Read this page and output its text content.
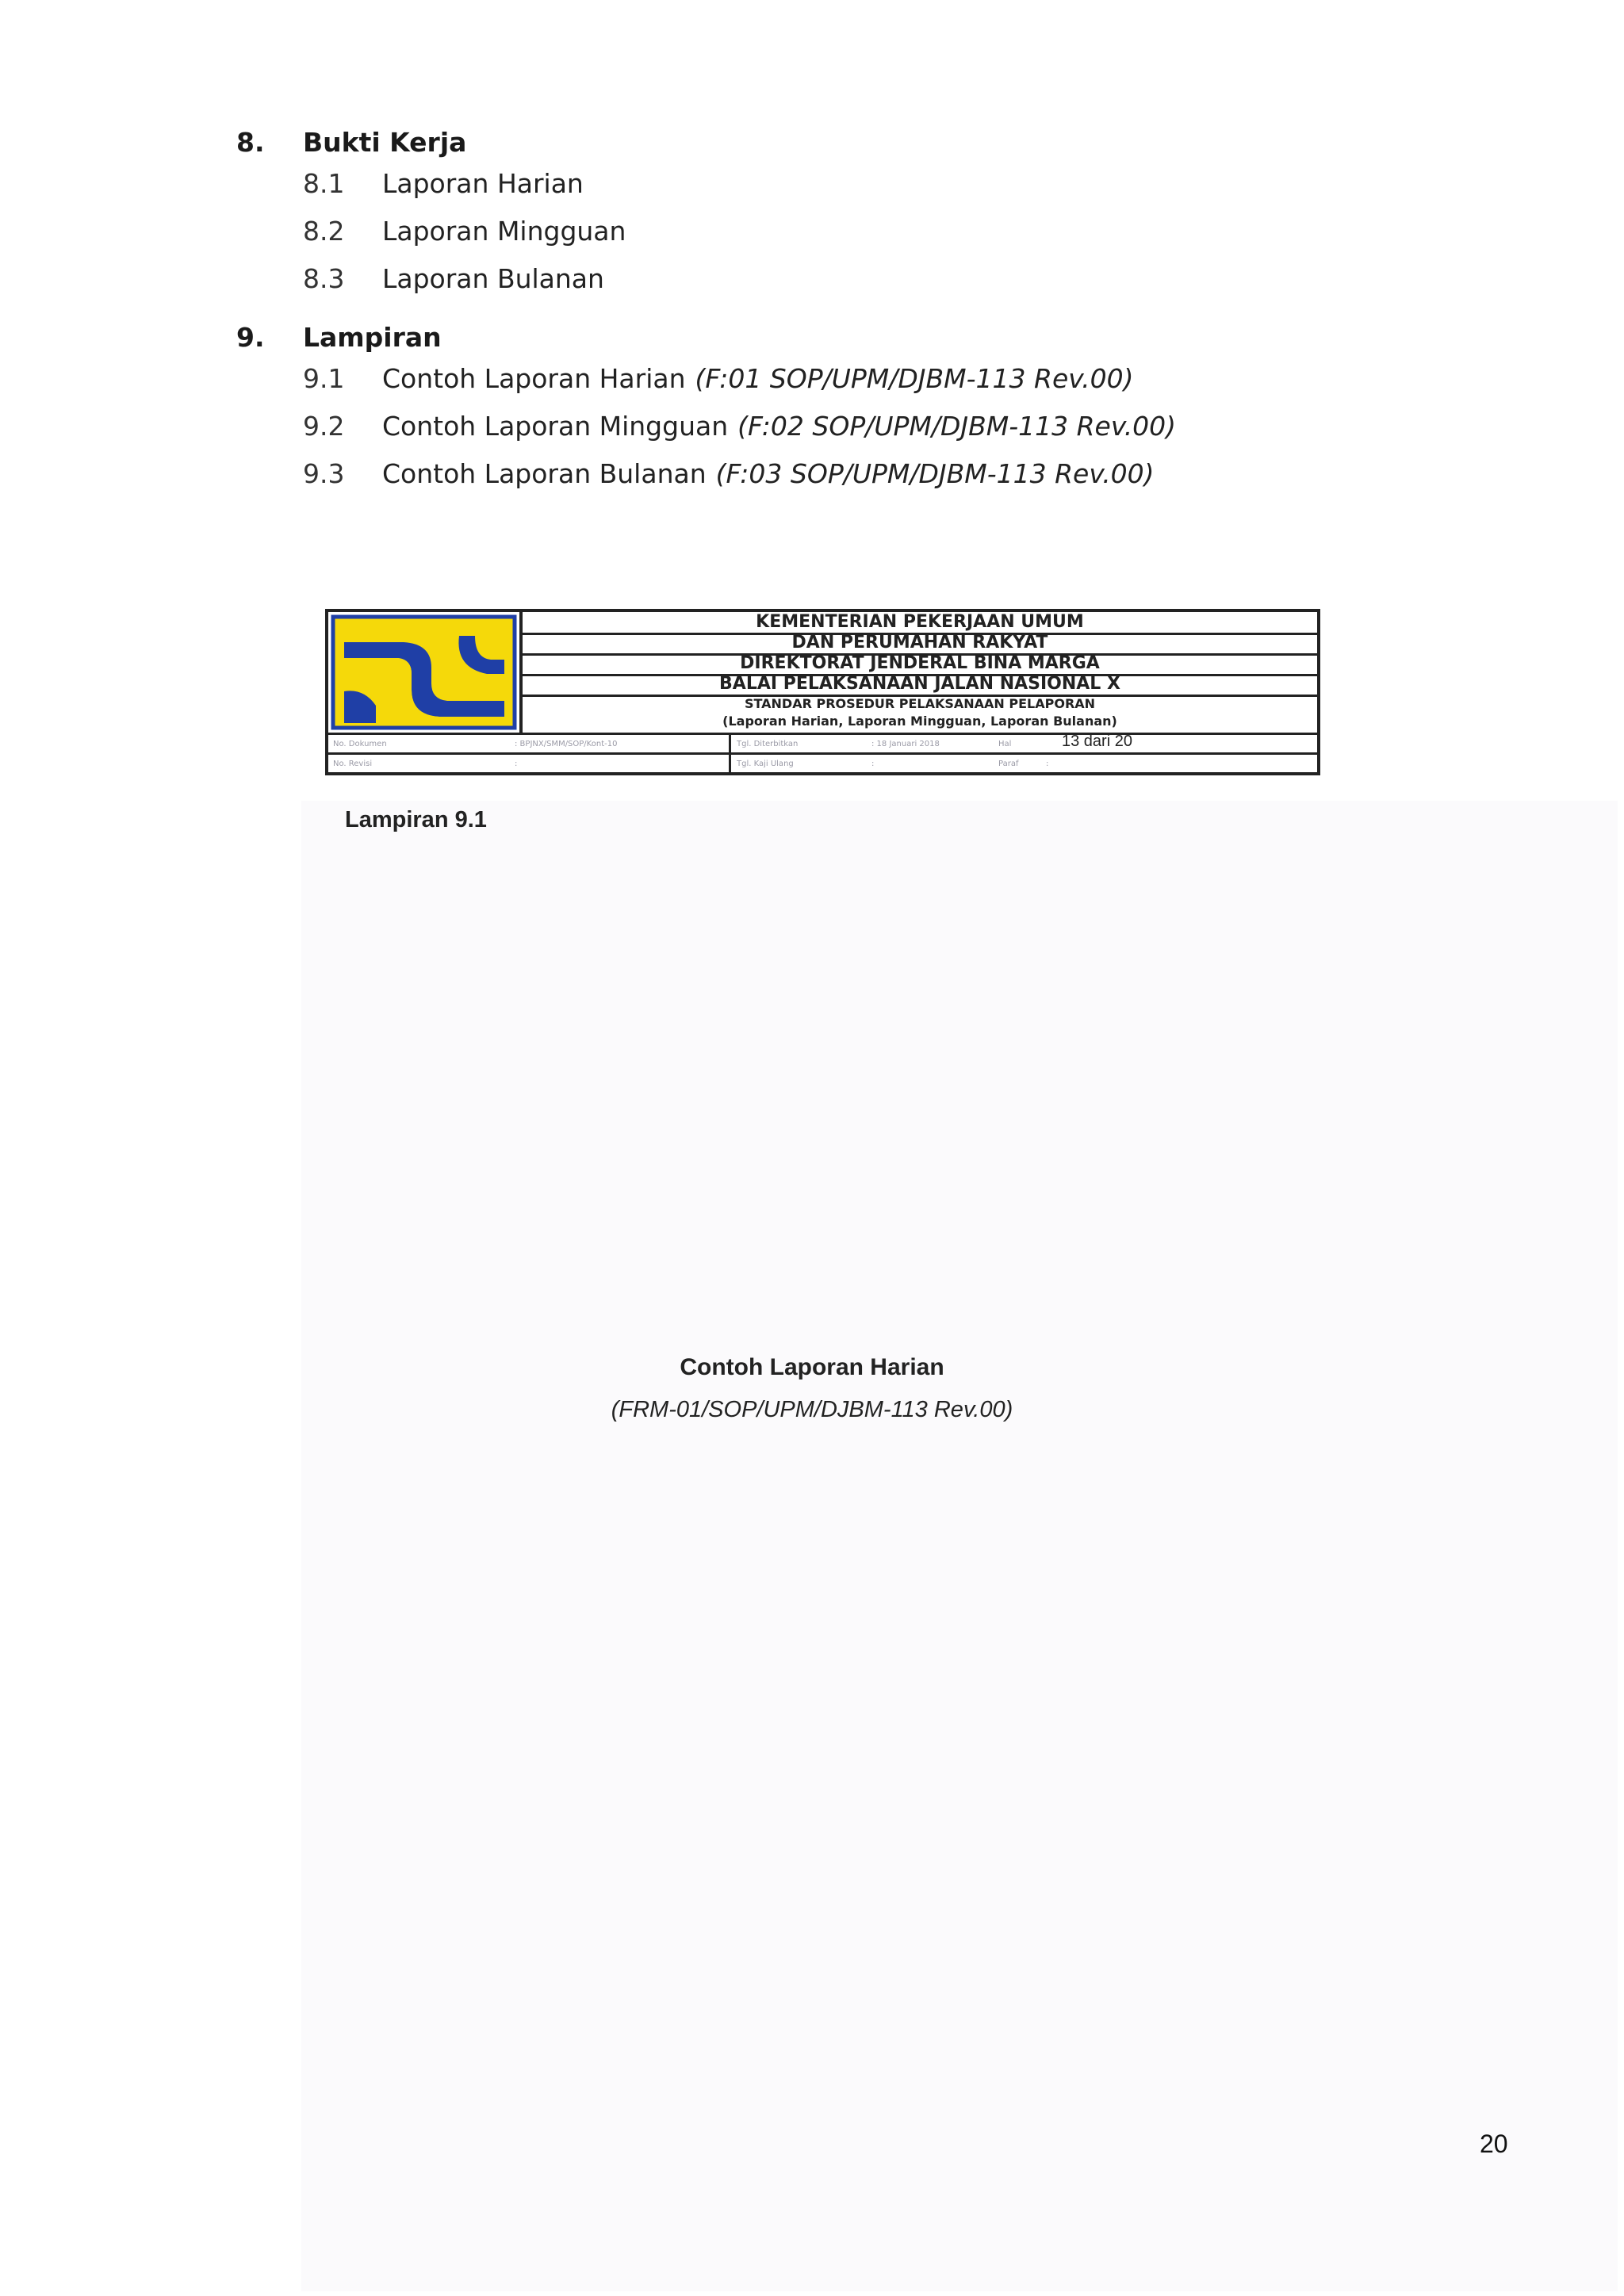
8. Bukti Kerja
8.1 Laporan Harian
8.2 Laporan Mingguan
8.3 Laporan Bulanan
9. Lampiran
9.1 Contoh Laporan Harian (F:01 SOP/UPM/DJBM-113 Rev.00)
9.2 Contoh Laporan Mingguan (F:02 SOP/UPM/DJBM-113 Rev.00)
9.3 Contoh Laporan Bulanan (F:03 SOP/UPM/DJBM-113 Rev.00)
KEMENTERIAN PEKERJAAN UMUM
DAN PERUMAHAN RAKYAT
DIREKTORAT JENDERAL BINA MARGA
BALAI PELAKSANAAN JALAN NASIONAL X
STANDAR PROSEDUR PELAKSANAAN PELAPORAN
(Laporan Harian, Laporan Mingguan, Laporan Bulanan)
No. Dokumen	: BPJNX/SMM/SOP/Kont-10	Tgl. Diterbitkan	: 18 Januari 2018	Hal	13 dari 20
No. Revisi	:	Tgl. Kaji Ulang	:	Paraf	:
Lampiran 9.1
Contoh Laporan Harian
(FRM-01/SOP/UPM/DJBM-113 Rev.00)
20
